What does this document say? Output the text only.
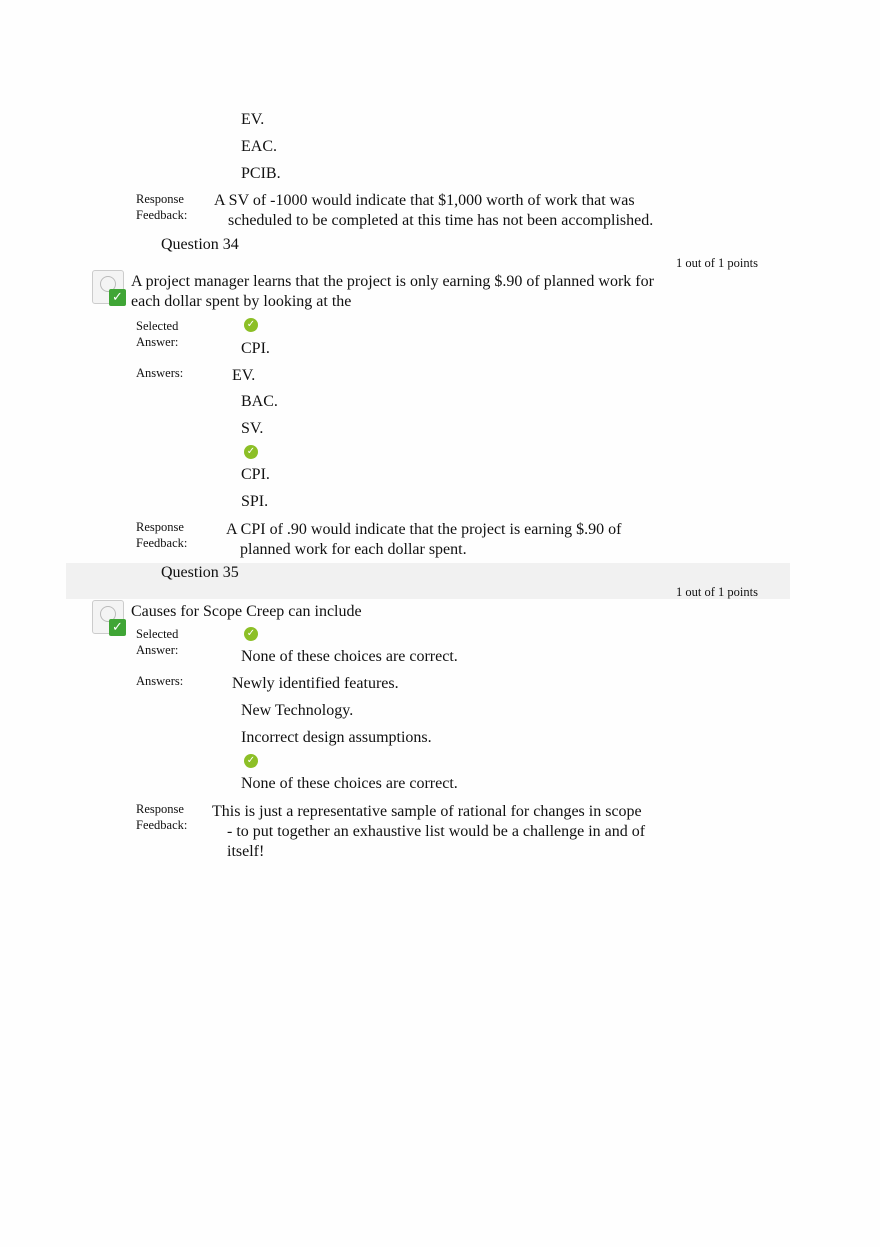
EV.
EAC.
PCIB.
Response
Feedback:
A SV of -1000 would indicate that $1,000 worth of work that was
scheduled to be completed at this time has not been accomplished.
Question 34
1 out of 1 points
✓
A project manager learns that the project is only earning $.90 of planned work for
each dollar spent by looking at the
Selected
Answer:
✓
CPI.
Answers:	EV.
BAC.
SV.
✓
CPI.
SPI.
Response
Feedback:
A CPI of .90 would indicate that the project is earning $.90 of
planned work for each dollar spent.
Question 35
1 out of 1 points
✓
Causes for Scope Creep can include
Selected
Answer:
✓
None of these choices are correct.
Answers:	Newly identified features.
New Technology.
Incorrect design assumptions.
✓
None of these choices are correct.
Response
Feedback:
This is just a representative sample of rational for changes in scope
- to put together an exhaustive list would be a challenge in and of
itself!
